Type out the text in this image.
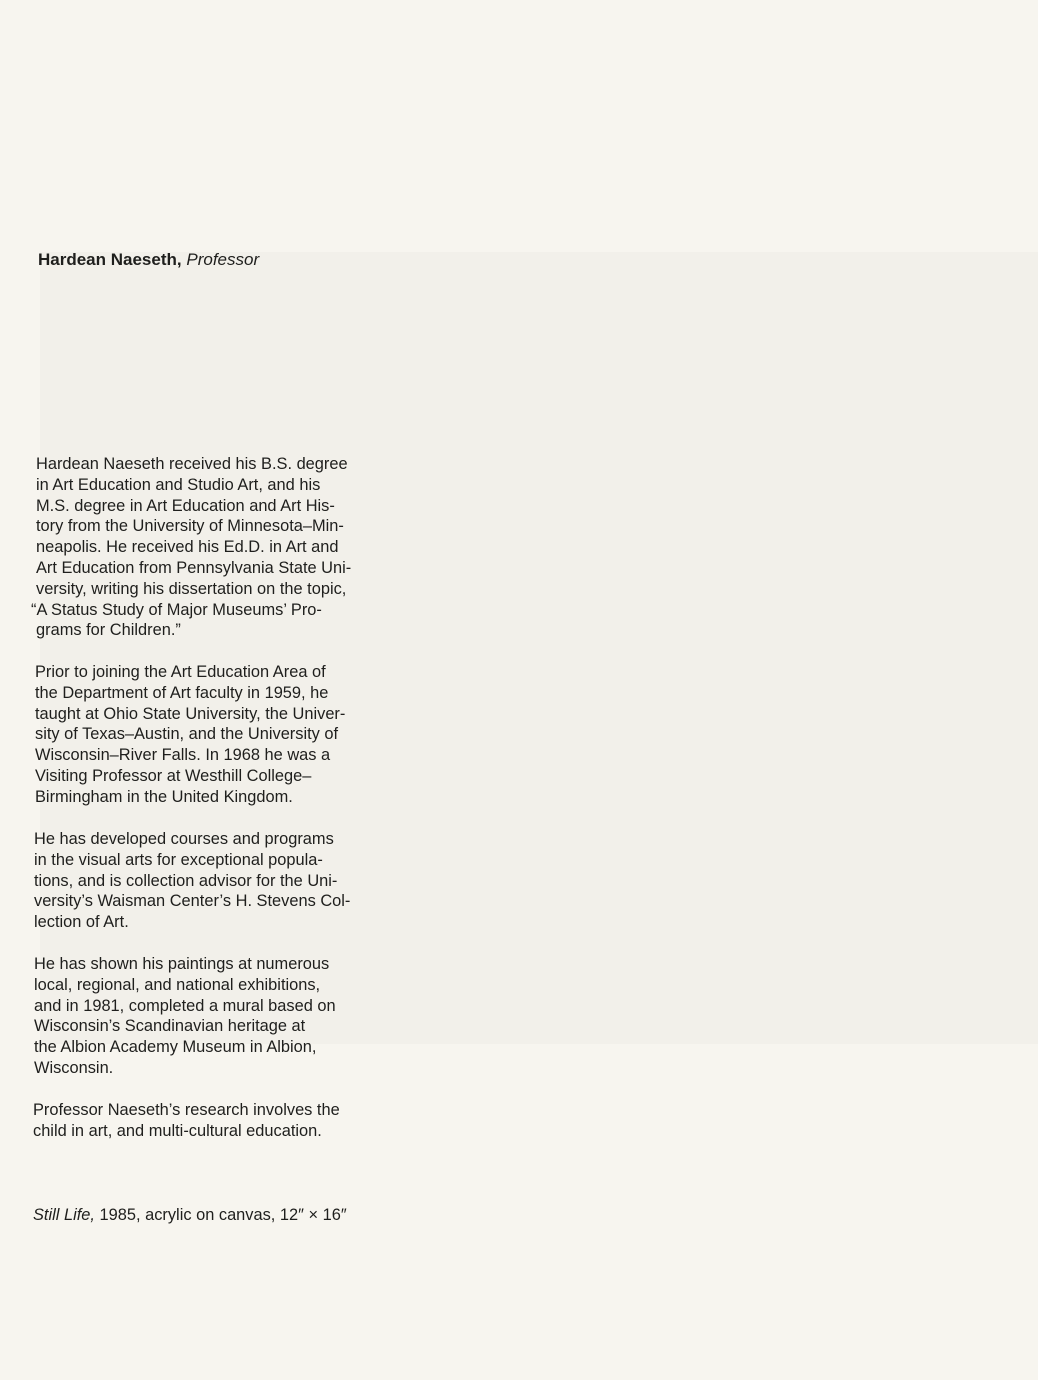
Hardean Naeseth, Professor

Hardean Naeseth received his B.S. degree
in Art Education and Studio Art, and his
M.S. degree in Art Education and Art His-
tory from the University of Minnesota–Min-
neapolis. He received his Ed.D. in Art and
Art Education from Pennsylvania State Uni-
versity, writing his dissertation on the topic,
“A Status Study of Major Museums’ Pro-
grams for Children.”

Prior to joining the Art Education Area of
the Department of Art faculty in 1959, he
taught at Ohio State University, the Univer-
sity of Texas–Austin, and the University of
Wisconsin–River Falls. In 1968 he was a
Visiting Professor at Westhill College–
Birmingham in the United Kingdom.

He has developed courses and programs
in the visual arts for exceptional popula-
tions, and is collection advisor for the Uni-
versity’s Waisman Center’s H. Stevens Col-
lection of Art.

He has shown his paintings at numerous
local, regional, and national exhibitions,
and in 1981, completed a mural based on
Wisconsin’s Scandinavian heritage at
the Albion Academy Museum in Albion,
Wisconsin.

Professor Naeseth’s research involves the
child in art, and multi-cultural education.

Still Life, 1985, acrylic on canvas, 12″ × 16″
